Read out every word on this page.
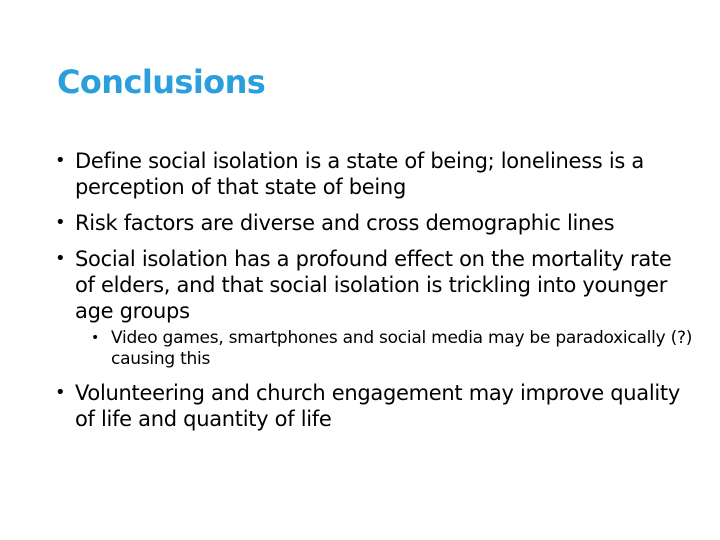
Conclusions
• Define social isolation is a state of being; loneliness is a perception of that state of being
• Risk factors are diverse and cross demographic lines
• Social isolation has a profound effect on the mortality rate of elders, and that social isolation is trickling into younger age groups
• Video games, smartphones and social media may be paradoxically (?) causing this
• Volunteering and church engagement may improve quality of life and quantity of life
